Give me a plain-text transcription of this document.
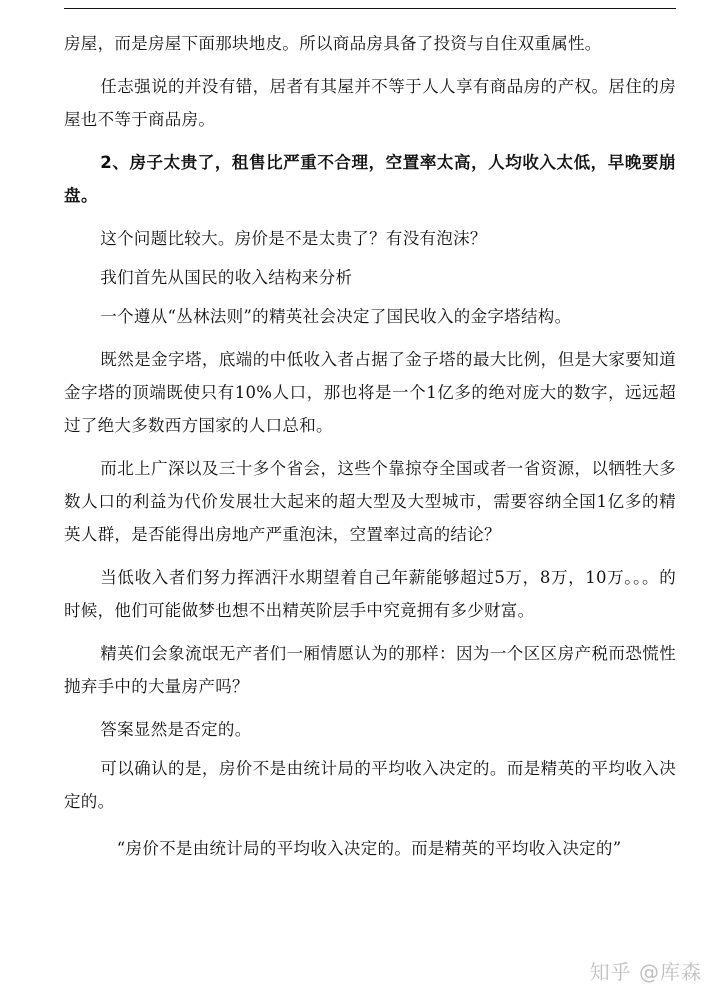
房屋，而是房屋下面那块地皮。所以商品房具备了投资与自住双重属性。

任志强说的并没有错，居者有其屋并不等于人人享有商品房的产权。居住的房屋也不等于商品房。

2、房子太贵了，租售比严重不合理，空置率太高，人均收入太低，早晚要崩盘。

这个问题比较大。房价是不是太贵了？有没有泡沫？

我们首先从国民的收入结构来分析

一个遵从“丛林法则”的精英社会决定了国民收入的金字塔结构。

既然是金字塔，底端的中低收入者占据了金子塔的最大比例，但是大家要知道金字塔的顶端既使只有10%人口，那也将是一个1亿多的绝对庞大的数字，远远超过了绝大多数西方国家的人口总和。

而北上广深以及三十多个省会，这些个靠掠夺全国或者一省资源，以牺牲大多数人口的利益为代价发展壮大起来的超大型及大型城市，需要容纳全国1亿多的精英人群，是否能得出房地产严重泡沫，空置率过高的结论？

当低收入者们努力挥洒汗水期望着自己年薪能够超过5万，8万，10万。。。的时候，他们可能做梦也想不出精英阶层手中究竟拥有多少财富。

精英们会象流氓无产者们一厢情愿认为的那样：因为一个区区房产税而恐慌性抛弃手中的大量房产吗？

答案显然是否定的。

可以确认的是，房价不是由统计局的平均收入决定的。而是精英的平均收入决定的。

“房价不是由统计局的平均收入决定的。而是精英的平均收入决定的”

知乎 @库森
